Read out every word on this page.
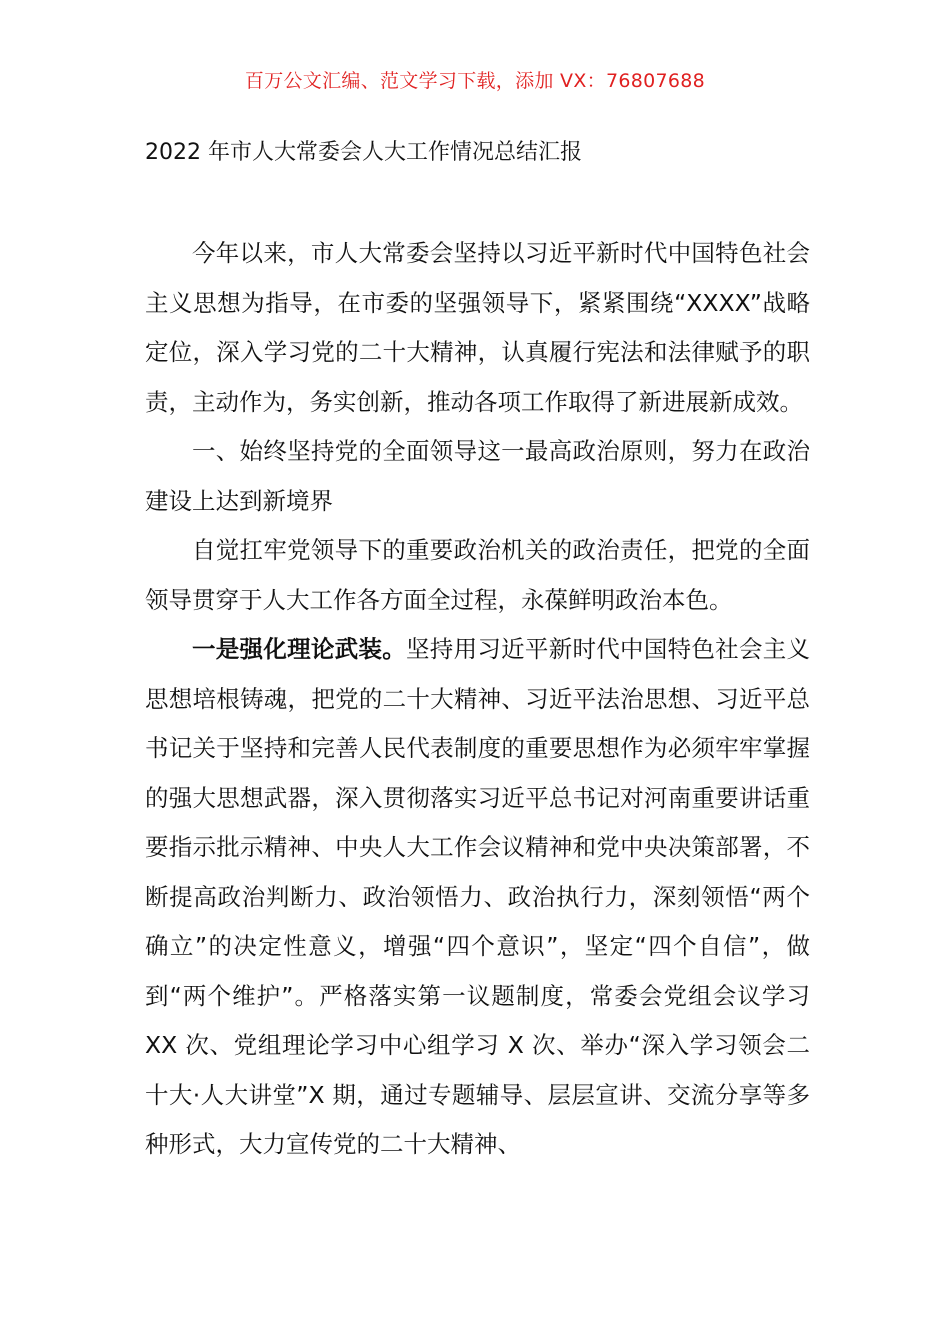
百万公文汇编、范文学习下载，添加 VX：76807688
2022 年市人大常委会人大工作情况总结汇报

今年以来，市人大常委会坚持以习近平新时代中国特色社会主义思想为指导，在市委的坚强领导下，紧紧围绕“XXXX”战略定位，深入学习党的二十大精神，认真履行宪法和法律赋予的职责，主动作为，务实创新，推动各项工作取得了新进展新成效。

一、始终坚持党的全面领导这一最高政治原则，努力在政治建设上达到新境界

自觉扛牢党领导下的重要政治机关的政治责任，把党的全面领导贯穿于人大工作各方面全过程，永葆鲜明政治本色。

一是强化理论武装。坚持用习近平新时代中国特色社会主义思想培根铸魂，把党的二十大精神、习近平法治思想、习近平总书记关于坚持和完善人民代表制度的重要思想作为必须牢牢掌握的强大思想武器，深入贯彻落实习近平总书记对河南重要讲话重要指示批示精神、中央人大工作会议精神和党中央决策部署，不断提高政治判断力、政治领悟力、政治执行力，深刻领悟“两个确立”的决定性意义，增强“四个意识”，坚定“四个自信”，做到“两个维护”。严格落实第一议题制度，常委会党组会议学习 XX 次、党组理论学习中心组学习 X 次、举办“深入学习领会二十大·人大讲堂”X 期，通过专题辅导、层层宣讲、交流分享等多种形式，大力宣传党的二十大精神、
